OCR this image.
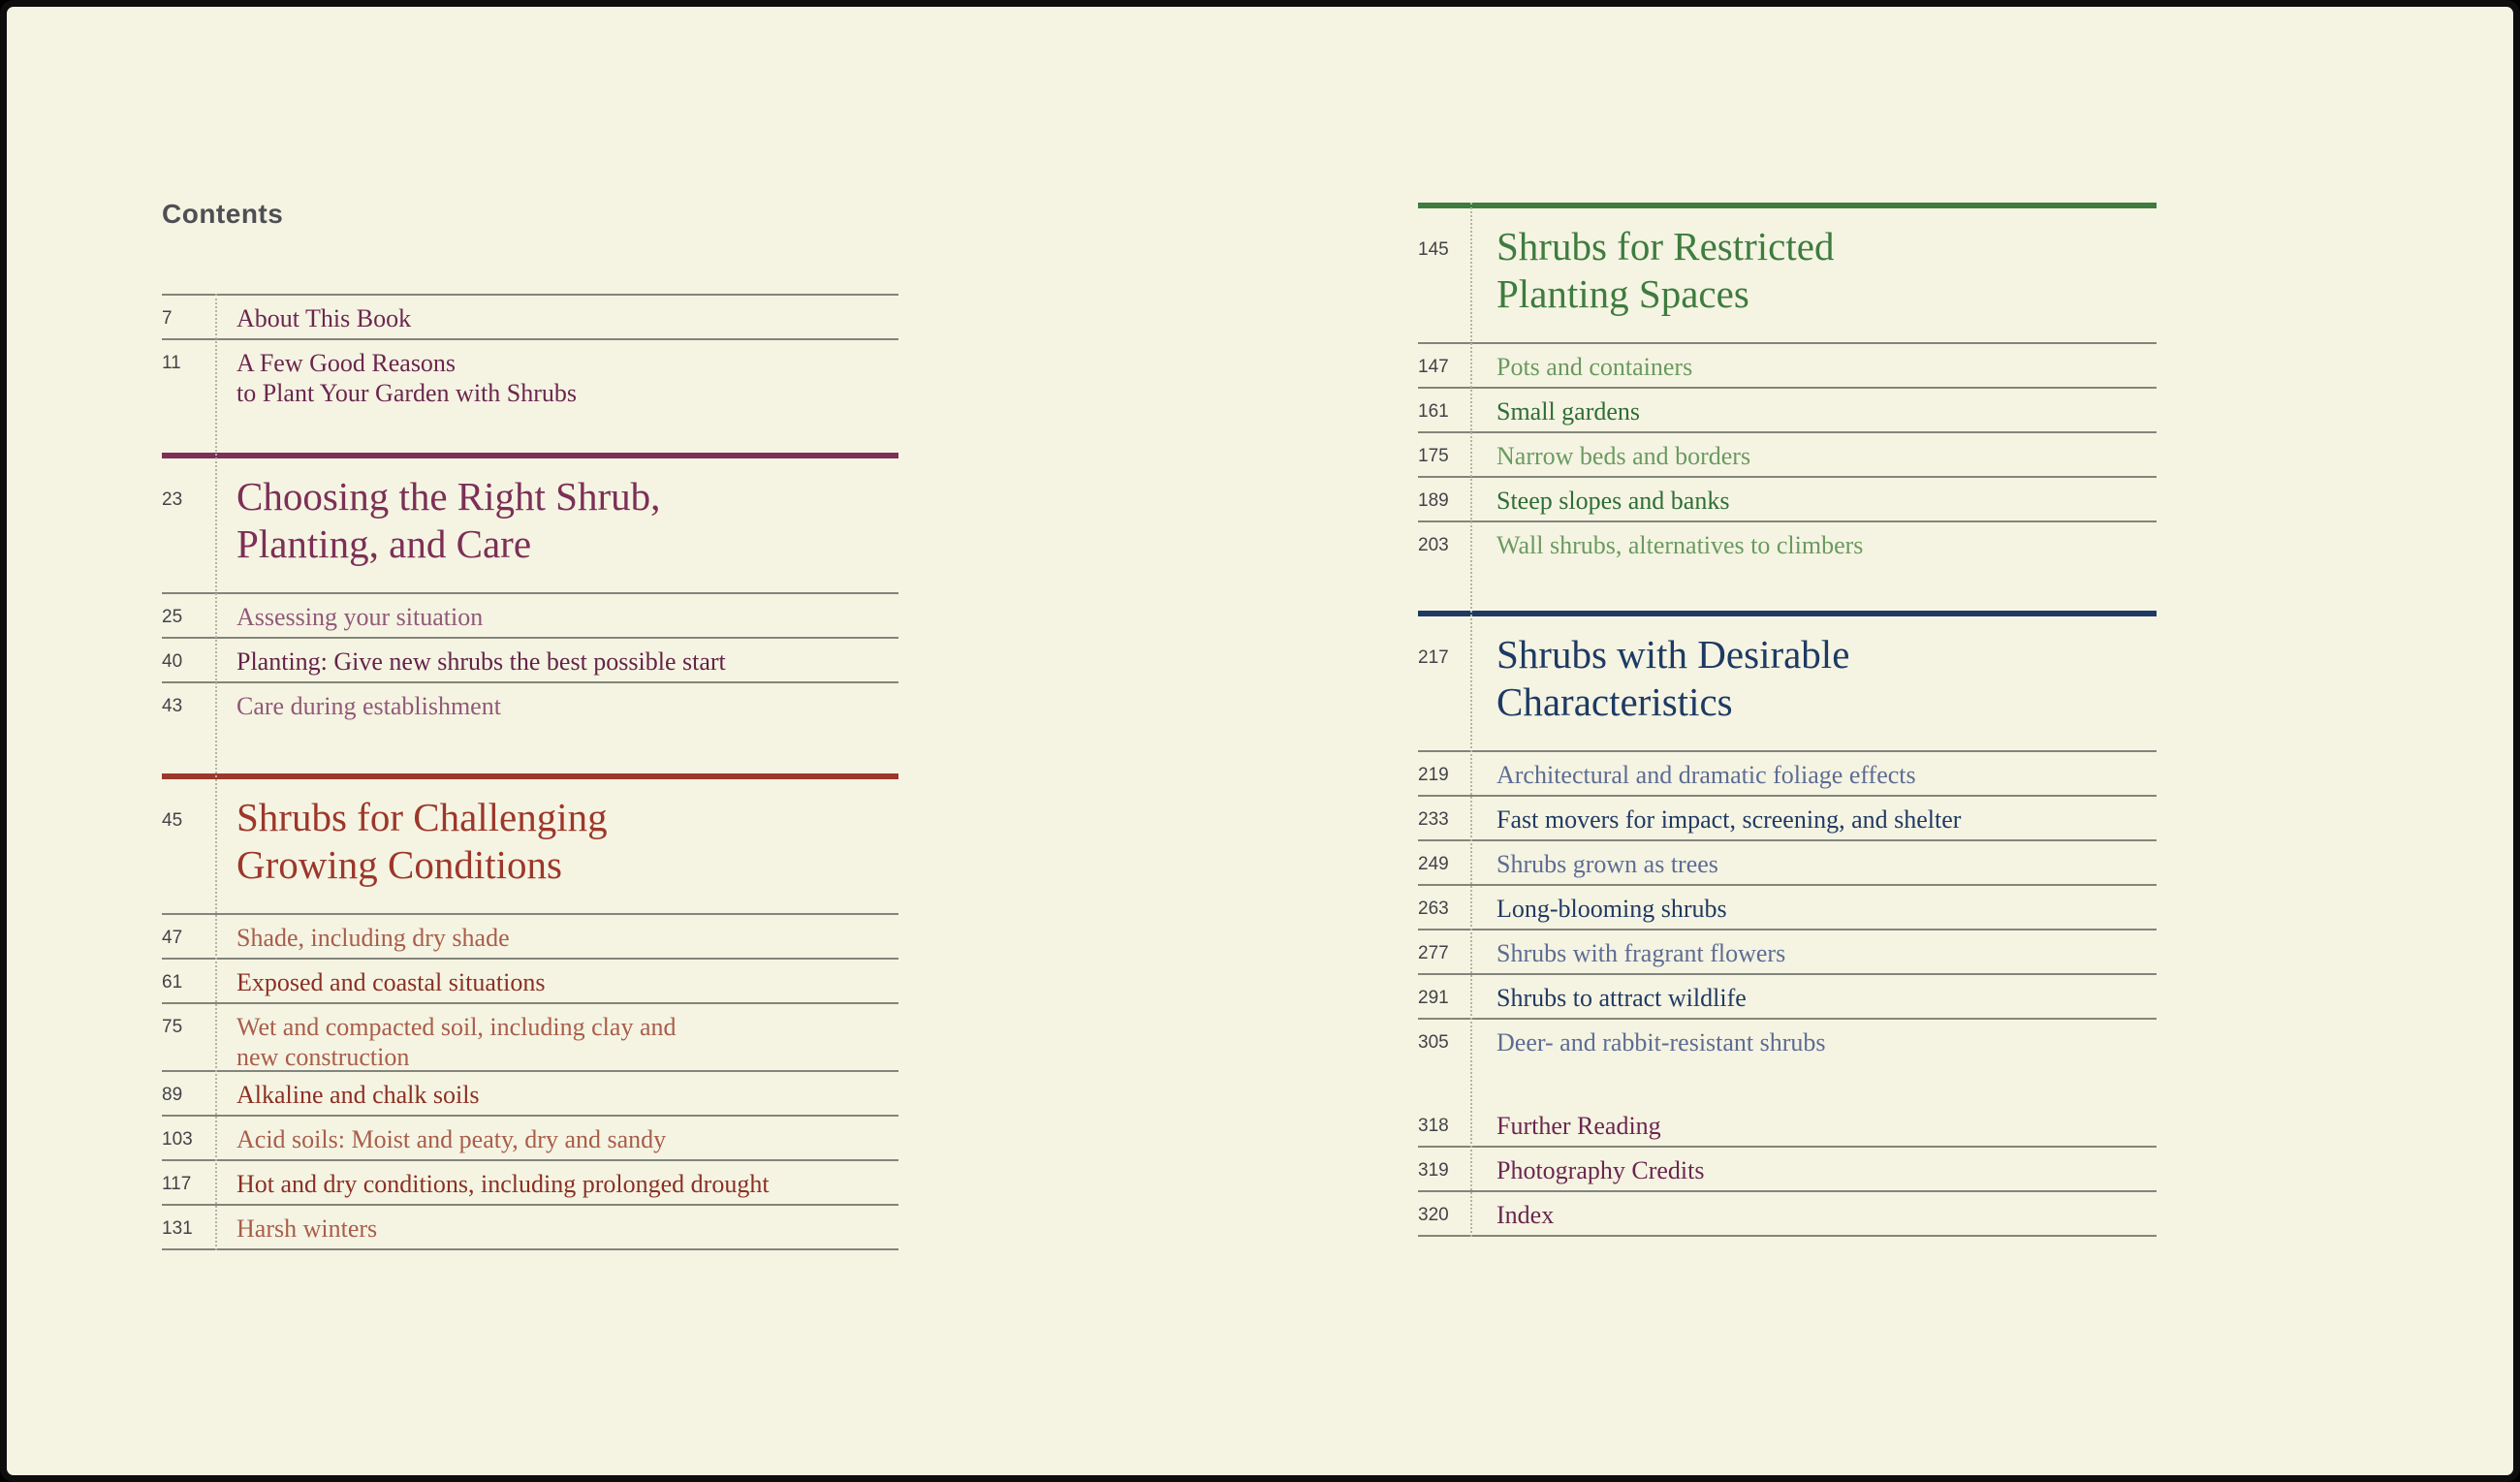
Contents
7	About This Book
11	A Few Good Reasons
to Plant Your Garden with Shrubs
23	Choosing the Right Shrub,
Planting, and Care
25	Assessing your situation
40	Planting: Give new shrubs the best possible start
43	Care during establishment
45	Shrubs for Challenging
Growing Conditions
47	Shade, including dry shade
61	Exposed and coastal situations
75	Wet and compacted soil, including clay and
new construction
89	Alkaline and chalk soils
103	Acid soils: Moist and peaty, dry and sandy
117	Hot and dry conditions, including prolonged drought
131	Harsh winters
145	Shrubs for Restricted
Planting Spaces
147	Pots and containers
161	Small gardens
175	Narrow beds and borders
189	Steep slopes and banks
203	Wall shrubs, alternatives to climbers
217	Shrubs with Desirable
Characteristics
219	Architectural and dramatic foliage effects
233	Fast movers for impact, screening, and shelter
249	Shrubs grown as trees
263	Long-blooming shrubs
277	Shrubs with fragrant flowers
291	Shrubs to attract wildlife
305	Deer- and rabbit-resistant shrubs
318	Further Reading
319	Photography Credits
320	Index
